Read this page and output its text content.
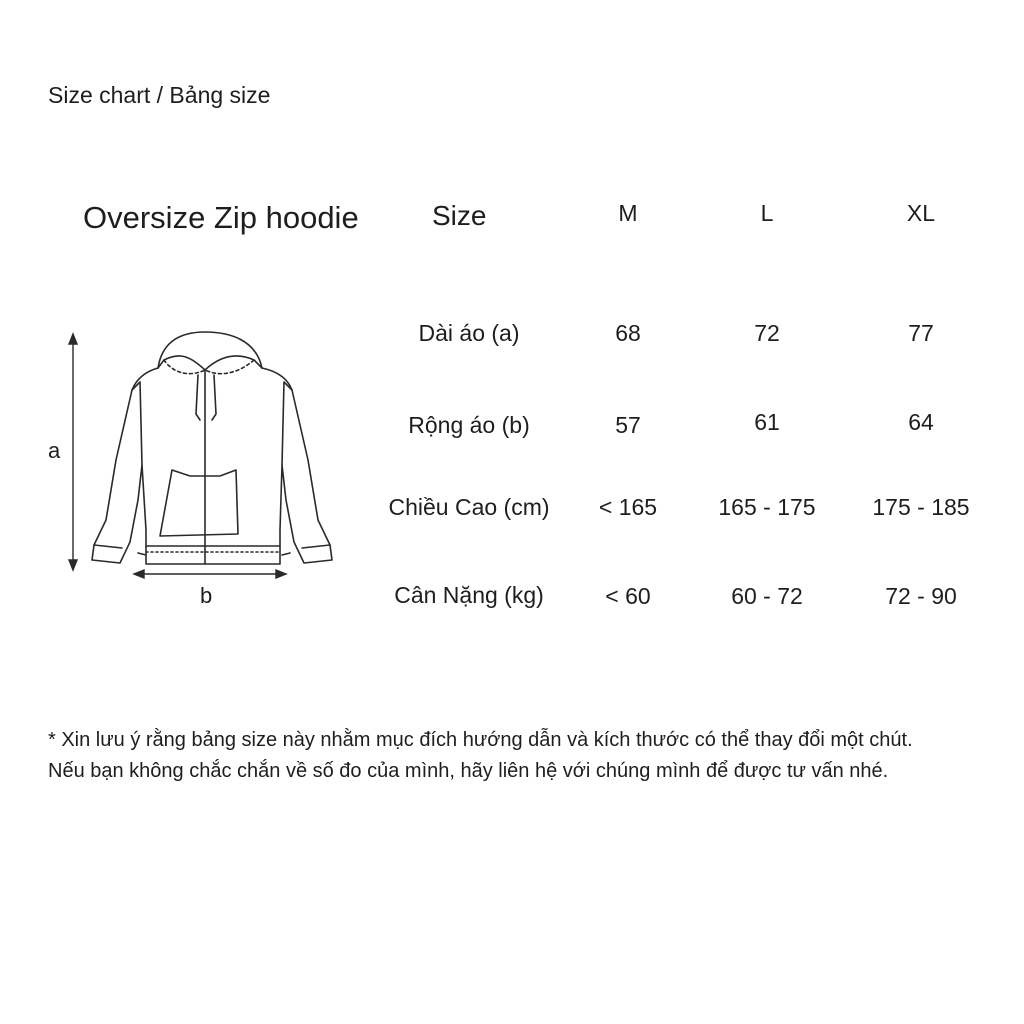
Size chart / Bảng size
Oversize Zip hoodie
a
b
Size	M	L	XL
Dài áo (a)	68	72	77
Rộng áo (b)	57	61	64
Chiều Cao (cm)	< 165	165 - 175	175 - 185
Cân Nặng (kg)	< 60	60 - 72	72 - 90
* Xin lưu ý rằng bảng size này nhằm mục đích hướng dẫn và kích thước có thể thay đổi một chút.
Nếu bạn không chắc chắn về số đo của mình, hãy liên hệ với chúng mình để được tư vấn nhé.
